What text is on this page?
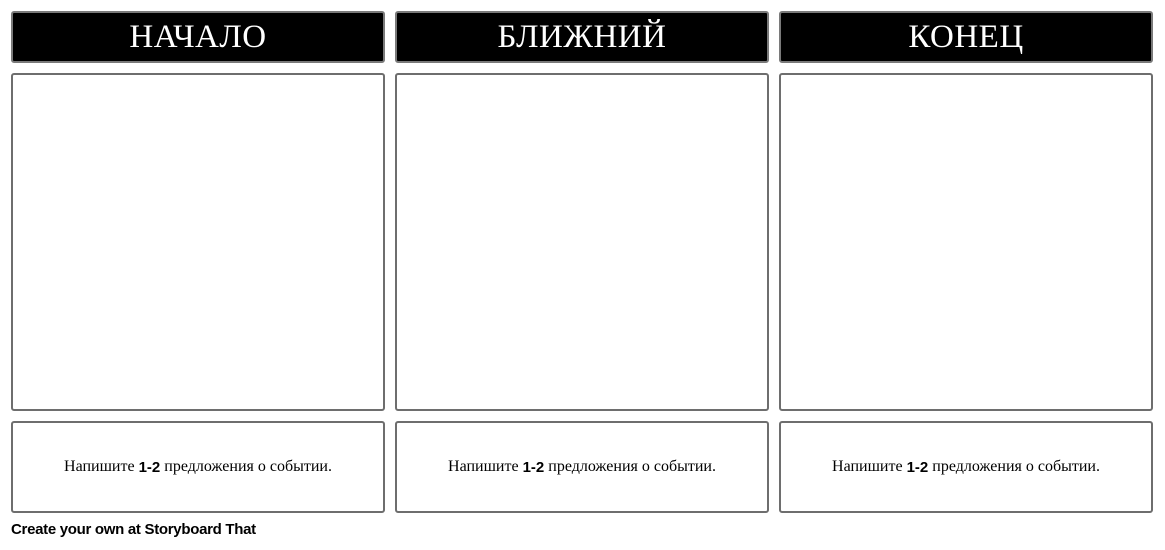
НАЧАЛО
Напишите 1-2 предложения о событии.
БЛИЖНИЙ
Напишите 1-2 предложения о событии.
КОНЕЦ
Напишите 1-2 предложения о событии.
Create your own at Storyboard That
